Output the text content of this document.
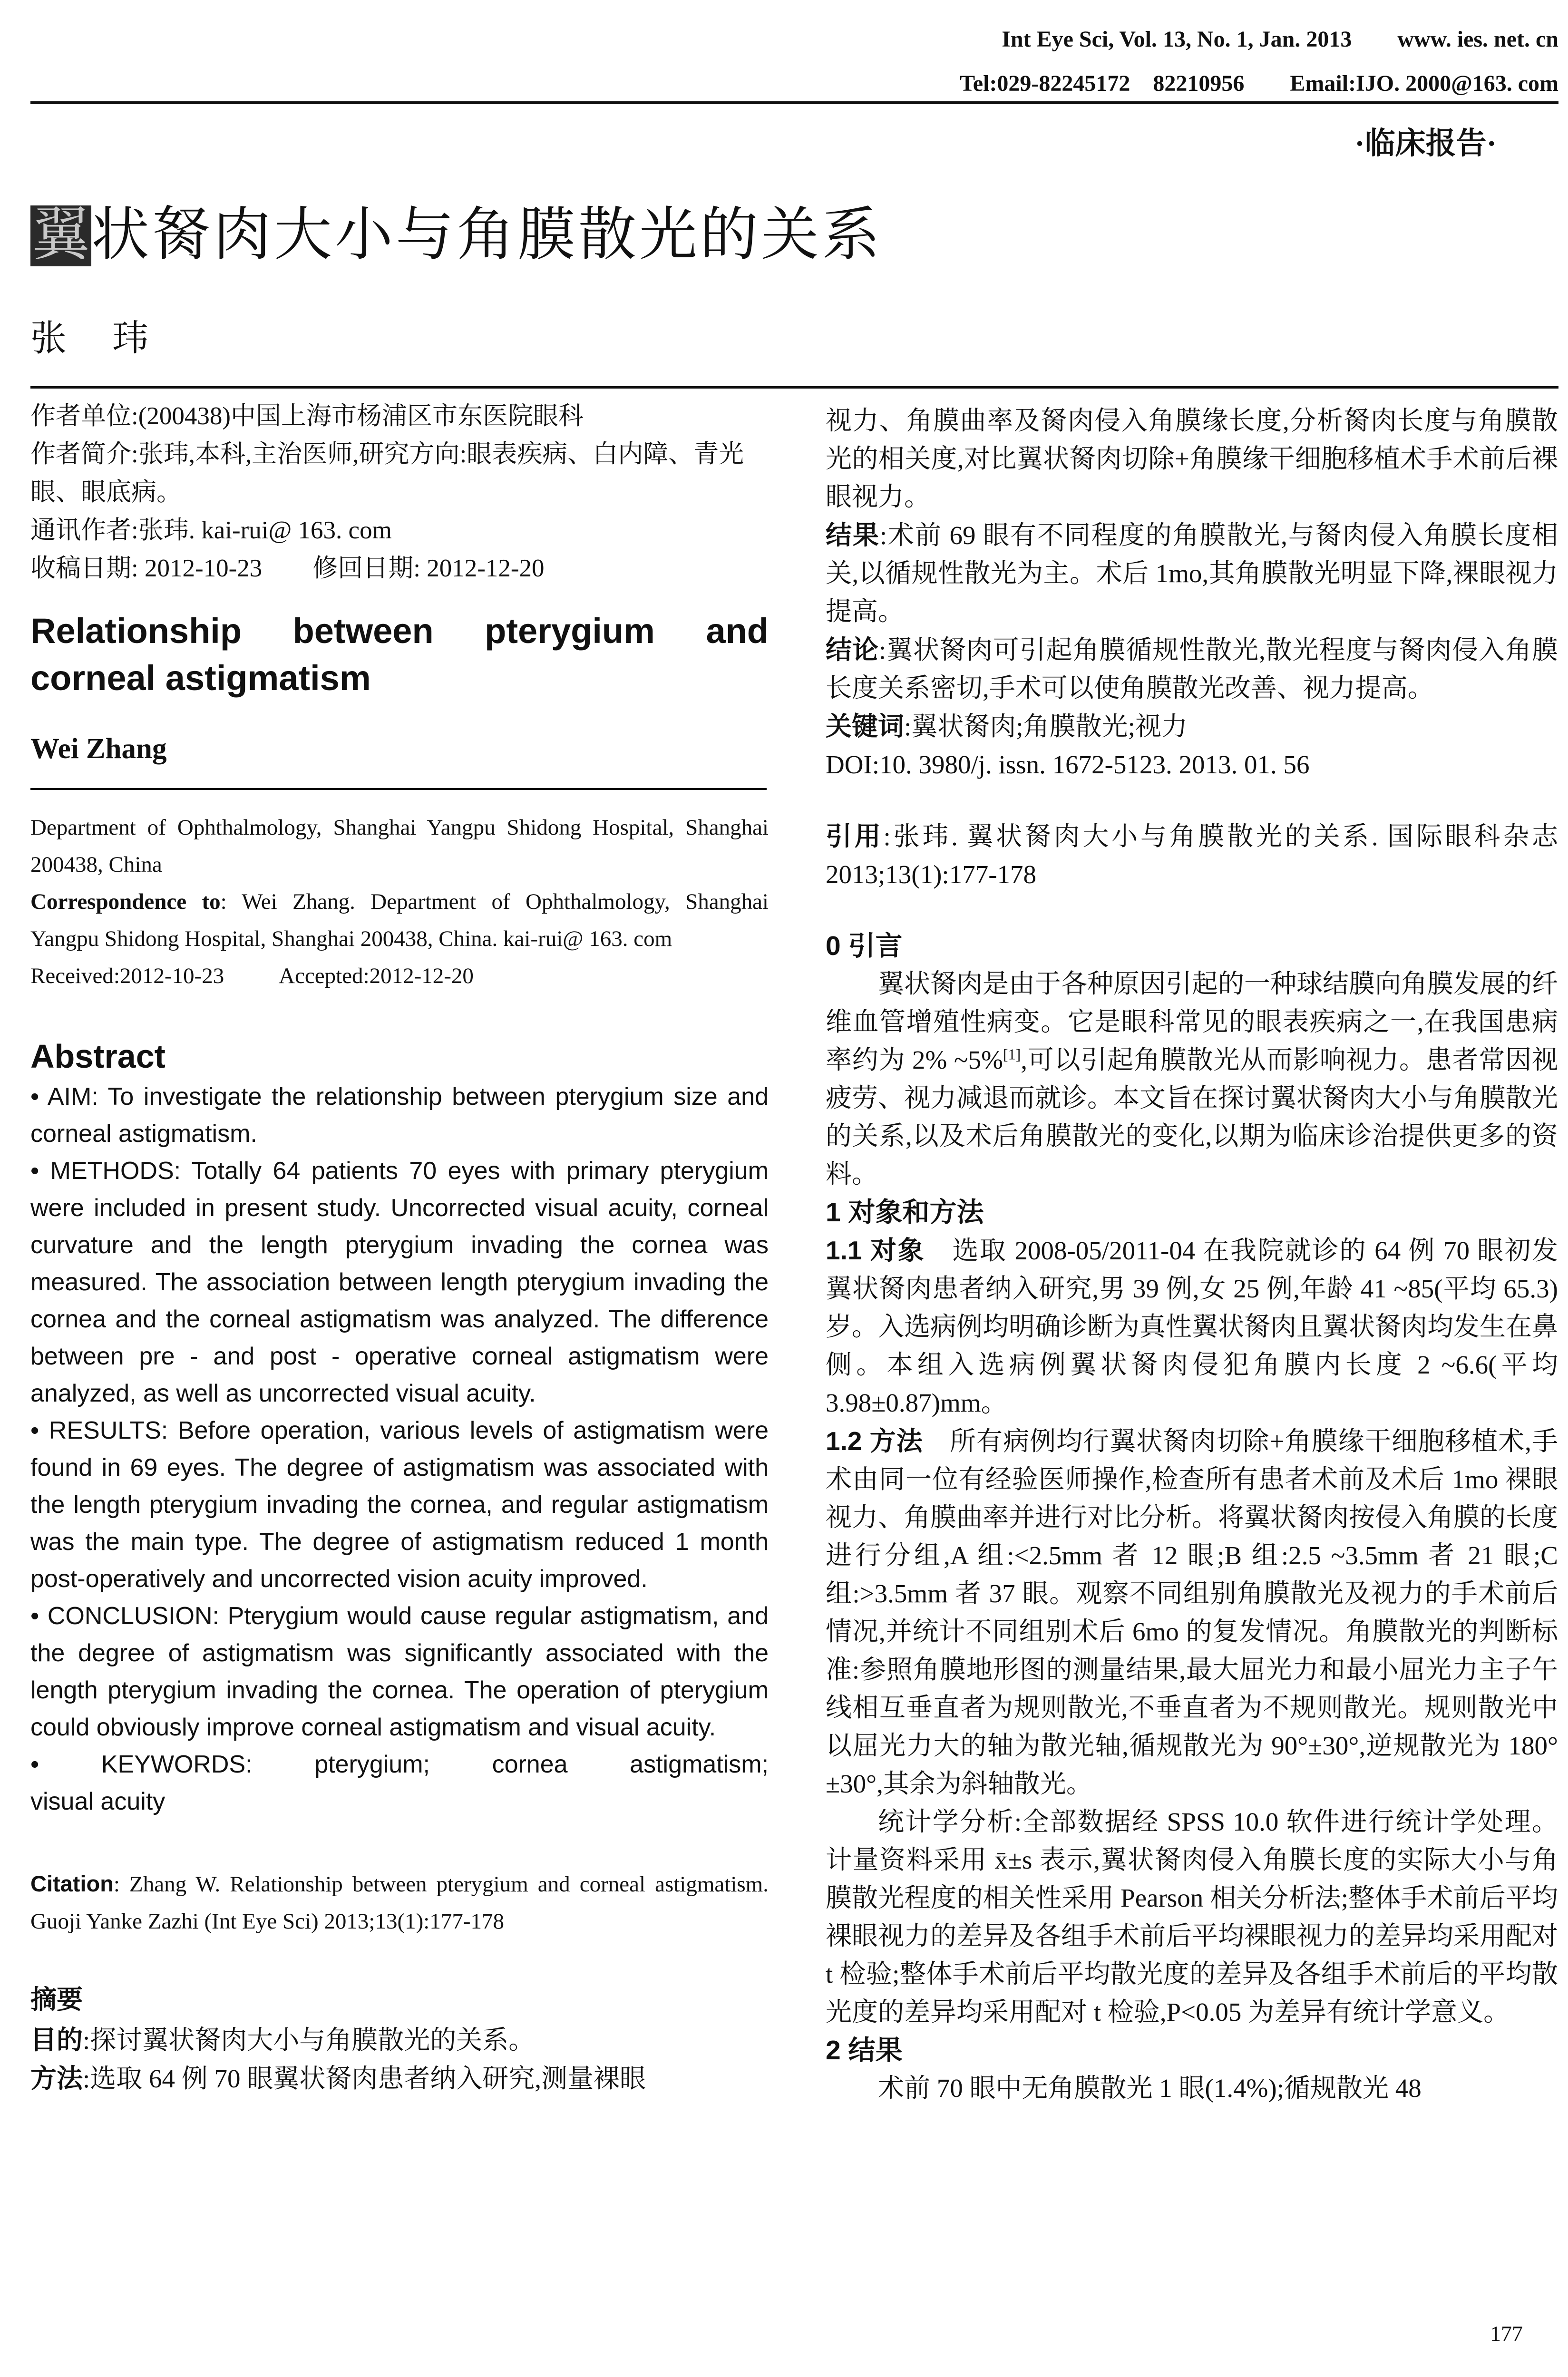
Int Eye Sci, Vol. 13, No. 1, Jan. 2013        www. ies. net. cn
Tel:029-82245172    82210956        Email:IJO. 2000@163. com
·临床报告·
翼 状胬肉大小与角膜散光的关系
张玮

作者单位:(200438)中国上海市杨浦区市东医院眼科

作者简介:张玮,本科,主治医师,研究方向:眼表疾病、白内障、青光眼、眼底病。

通讯作者:张玮. kai-rui@ 163. com

收稿日期: 2012-10-23        修回日期: 2012-12-20

Relationship between pterygium and corneal astigmatism

Wei Zhang

Department of Ophthalmology, Shanghai Yangpu Shidong Hospital, Shanghai 200438, China

Correspondence to: Wei Zhang. Department of Ophthalmology, Shanghai Yangpu Shidong Hospital, Shanghai 200438, China. kai-rui@ 163. com

Received:2012-10-23          Accepted:2012-12-20

Abstract

• AIM: To investigate the relationship between pterygium size and corneal astigmatism.

• METHODS: Totally 64 patients 70 eyes with primary pterygium were included in present study. Uncorrected visual acuity, corneal curvature and the length pterygium invading the cornea was measured. The association between length pterygium invading the cornea and the corneal astigmatism was analyzed. The difference between pre - and post - operative corneal astigmatism were analyzed, as well as uncorrected visual acuity.

• RESULTS: Before operation, various levels of astigmatism were found in 69 eyes. The degree of astigmatism was associated with the length pterygium invading the cornea, and regular astigmatism was the main type. The degree of astigmatism reduced 1 month post-operatively and uncorrected vision acuity improved.

• CONCLUSION: Pterygium would cause regular astigmatism, and the degree of astigmatism was significantly associated with the length pterygium invading the cornea. The operation of pterygium could obviously improve corneal astigmatism and visual acuity.

• KEYWORDS: pterygium; cornea astigmatism;

visual acuity

Citation: Zhang W. Relationship between pterygium and corneal astigmatism. Guoji Yanke Zazhi (Int Eye Sci) 2013;13(1):177-178

摘要

目的:探讨翼状胬肉大小与角膜散光的关系。

方法:选取 64 例 70 眼翼状胬肉患者纳入研究,测量裸眼

视力、角膜曲率及胬肉侵入角膜缘长度,分析胬肉长度与角膜散光的相关度,对比翼状胬肉切除+角膜缘干细胞移植术手术前后裸眼视力。

结果:术前 69 眼有不同程度的角膜散光,与胬肉侵入角膜长度相关,以循规性散光为主。术后 1mo,其角膜散光明显下降,裸眼视力提高。

结论:翼状胬肉可引起角膜循规性散光,散光程度与胬肉侵入角膜长度关系密切,手术可以使角膜散光改善、视力提高。

关键词:翼状胬肉;角膜散光;视力

DOI:10. 3980/j. issn. 1672-5123. 2013. 01. 56

引用:张玮. 翼状胬肉大小与角膜散光的关系. 国际眼科杂志 2013;13(1):177-178

0 引言

翼状胬肉是由于各种原因引起的一种球结膜向角膜发展的纤维血管增殖性病变。它是眼科常见的眼表疾病之一,在我国患病率约为 2% ~5%[1],可以引起角膜散光从而影响视力。患者常因视疲劳、视力减退而就诊。本文旨在探讨翼状胬肉大小与角膜散光的关系,以及术后角膜散光的变化,以期为临床诊治提供更多的资料。

1 对象和方法

1.1 对象　 选取 2008-05/2011-04 在我院就诊的 64 例 70 眼初发翼状胬肉患者纳入研究,男 39 例,女 25 例,年龄 41 ~85(平均 65.3)岁。入选病例均明确诊断为真性翼状胬肉且翼状胬肉均发生在鼻侧。本组入选病例翼状胬肉侵犯角膜内长度 2 ~6.6(平均 3.98±0.87)mm。

1.2 方法　 所有病例均行翼状胬肉切除+角膜缘干细胞移植术,手术由同一位有经验医师操作,检查所有患者术前及术后 1mo 裸眼视力、角膜曲率并进行对比分析。将翼状胬肉按侵入角膜的长度进行分组,A 组:<2.5mm 者 12 眼;B 组:2.5 ~3.5mm 者 21 眼;C 组:>3.5mm 者 37 眼。观察不同组别角膜散光及视力的手术前后情况,并统计不同组别术后 6mo 的复发情况。角膜散光的判断标准:参照角膜地形图的测量结果,最大屈光力和最小屈光力主子午线相互垂直者为规则散光,不垂直者为不规则散光。规则散光中以屈光力大的轴为散光轴,循规散光为 90°±30°,逆规散光为 180°±30°,其余为斜轴散光。

统计学分析:全部数据经 SPSS 10.0 软件进行统计学处理。计量资料采用 x̄±s 表示,翼状胬肉侵入角膜长度的实际大小与角膜散光程度的相关性采用 Pearson 相关分析法;整体手术前后平均裸眼视力的差异及各组手术前后平均裸眼视力的差异均采用配对 t 检验;整体手术前后平均散光度的差异及各组手术前后的平均散光度的差异均采用配对 t 检验,P<0.05 为差异有统计学意义。

2 结果

术前 70 眼中无角膜散光 1 眼(1.4%);循规散光 48

177
